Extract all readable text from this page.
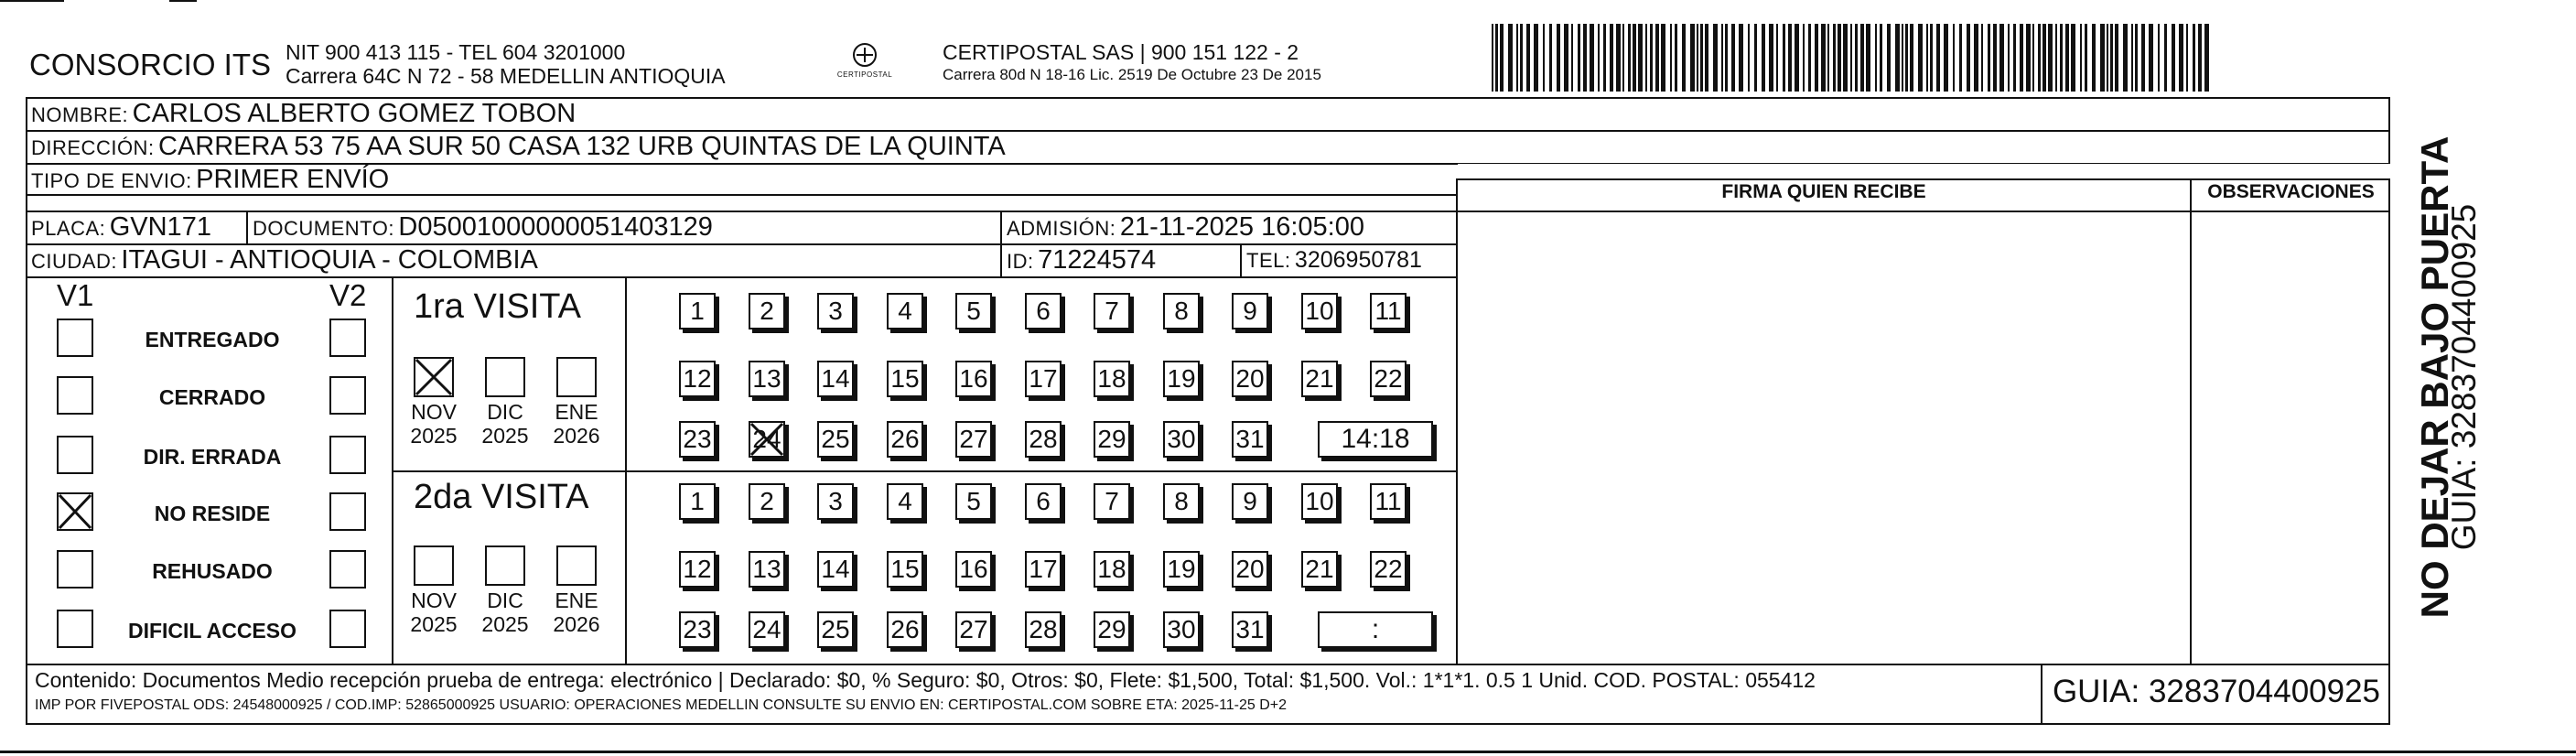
CONSORCIO ITS NIT 900 413 115 - TEL 604 3201000
Carrera 64C N 72 - 58 MEDELLIN ANTIOQUIA	CERTIPOSTAL
CERTIPOSTAL SAS | 900 151 122 - 2
Carrera 80d N 18-16 Lic. 2519 De Octubre 23 De 2015
NOMBRE: CARLOS ALBERTO GOMEZ TOBON
DIRECCIÓN: CARRERA 53 75 AA SUR 50 CASA 132 URB QUINTAS DE LA QUINTA
TIPO DE ENVIO: PRIMER ENVÍO
PLACA: GVN171 DOCUMENTO: D05001000000051403129	ADMISIÓN: 21-11-2025 16:05:00
CIUDAD: ITAGUI - ANTIOQUIA - COLOMBIA	ID: 71224574	TEL: 3206950781
FIRMA QUIEN RECIBE	OBSERVACIONES
V1	V2
ENTREGADO
CERRADO
DIR. ERRADA
NO RESIDE
REHUSADO
DIFICIL ACCESO
1ra VISITA
2da VISITA
NOV
2025
DIC
2025
ENE
2026
NOV
2025
DIC
2025
ENE
2026
1	2	3	4	5	6	7	8	9	10 11
12 13 14 15 16 17 18 19 20 21 22
23 24 25 26 27 28 29 30 31	14:18
1	2	3	4	5	6	7	8	9	10 11
12 13 14 15 16 17 18 19 20 21 22
23 24 25 26 27 28 29 30 31	:
Contenido: Documentos Medio recepción prueba de entrega: electrónico | Declarado: $0, % Seguro: $0, Otros: $0, Flete: $1,500, Total: $1,500. Vol.: 1*1*1. 0.5 1 Unid. COD. POSTAL: 055412
IMP POR FIVEPOSTAL ODS: 24548000925 / COD.IMP: 52865000925 USUARIO: OPERACIONES MEDELLIN CONSULTE SU ENVIO EN: CERTIPOSTAL.COM SOBRE ETA: 2025-11-25 D+2	GUIA: 3283704400925
NO DEJAR BAJO PUERTA
GUIA: 3283704400925
